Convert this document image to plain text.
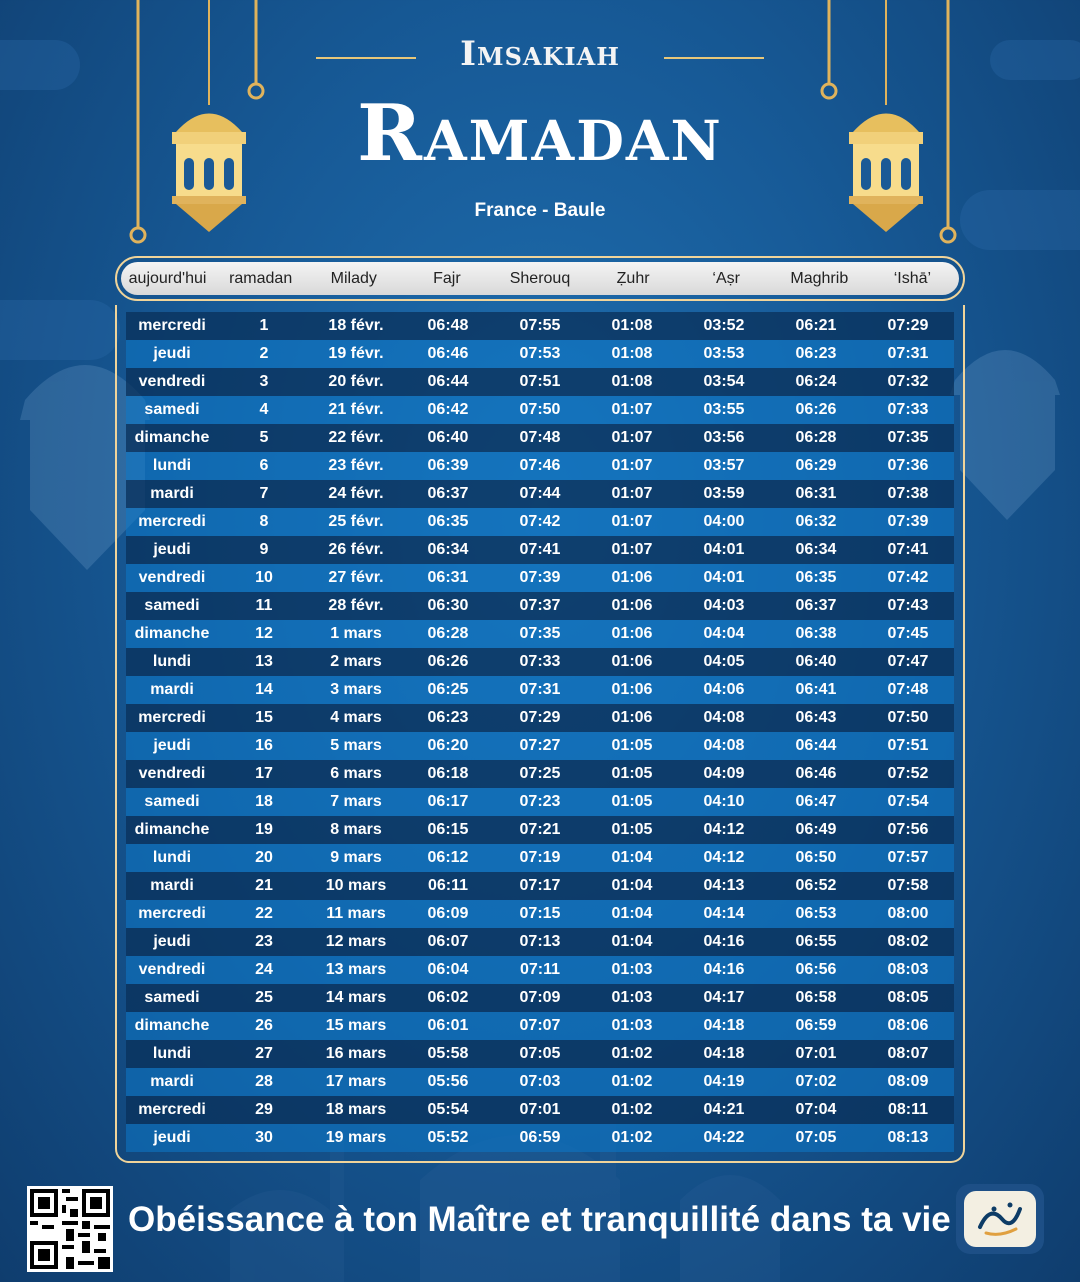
Imsakiah
Ramadan
France - Baule
aujourd'hui	ramadan	Milady	Fajr	Sherouq	Ẓuhr	‘Aṣr	Maghrib	‘Ishā’
mercredi	1	18 févr.	06:48	07:55	01:08	03:52	06:21	07:29
jeudi	2	19 févr.	06:46	07:53	01:08	03:53	06:23	07:31
vendredi	3	20 févr.	06:44	07:51	01:08	03:54	06:24	07:32
samedi	4	21 févr.	06:42	07:50	01:07	03:55	06:26	07:33
dimanche	5	22 févr.	06:40	07:48	01:07	03:56	06:28	07:35
lundi	6	23 févr.	06:39	07:46	01:07	03:57	06:29	07:36
mardi	7	24 févr.	06:37	07:44	01:07	03:59	06:31	07:38
mercredi	8	25 févr.	06:35	07:42	01:07	04:00	06:32	07:39
jeudi	9	26 févr.	06:34	07:41	01:07	04:01	06:34	07:41
vendredi	10	27 févr.	06:31	07:39	01:06	04:01	06:35	07:42
samedi	11	28 févr.	06:30	07:37	01:06	04:03	06:37	07:43
dimanche	12	1 mars	06:28	07:35	01:06	04:04	06:38	07:45
lundi	13	2 mars	06:26	07:33	01:06	04:05	06:40	07:47
mardi	14	3 mars	06:25	07:31	01:06	04:06	06:41	07:48
mercredi	15	4 mars	06:23	07:29	01:06	04:08	06:43	07:50
jeudi	16	5 mars	06:20	07:27	01:05	04:08	06:44	07:51
vendredi	17	6 mars	06:18	07:25	01:05	04:09	06:46	07:52
samedi	18	7 mars	06:17	07:23	01:05	04:10	06:47	07:54
dimanche	19	8 mars	06:15	07:21	01:05	04:12	06:49	07:56
lundi	20	9 mars	06:12	07:19	01:04	04:12	06:50	07:57
mardi	21	10 mars	06:11	07:17	01:04	04:13	06:52	07:58
mercredi	22	11 mars	06:09	07:15	01:04	04:14	06:53	08:00
jeudi	23	12 mars	06:07	07:13	01:04	04:16	06:55	08:02
vendredi	24	13 mars	06:04	07:11	01:03	04:16	06:56	08:03
samedi	25	14 mars	06:02	07:09	01:03	04:17	06:58	08:05
dimanche	26	15 mars	06:01	07:07	01:03	04:18	06:59	08:06
lundi	27	16 mars	05:58	07:05	01:02	04:18	07:01	08:07
mardi	28	17 mars	05:56	07:03	01:02	04:19	07:02	08:09
mercredi	29	18 mars	05:54	07:01	01:02	04:21	07:04	08:11
jeudi	30	19 mars	05:52	06:59	01:02	04:22	07:05	08:13
Obéissance à ton Maître et tranquillité dans ta vie
